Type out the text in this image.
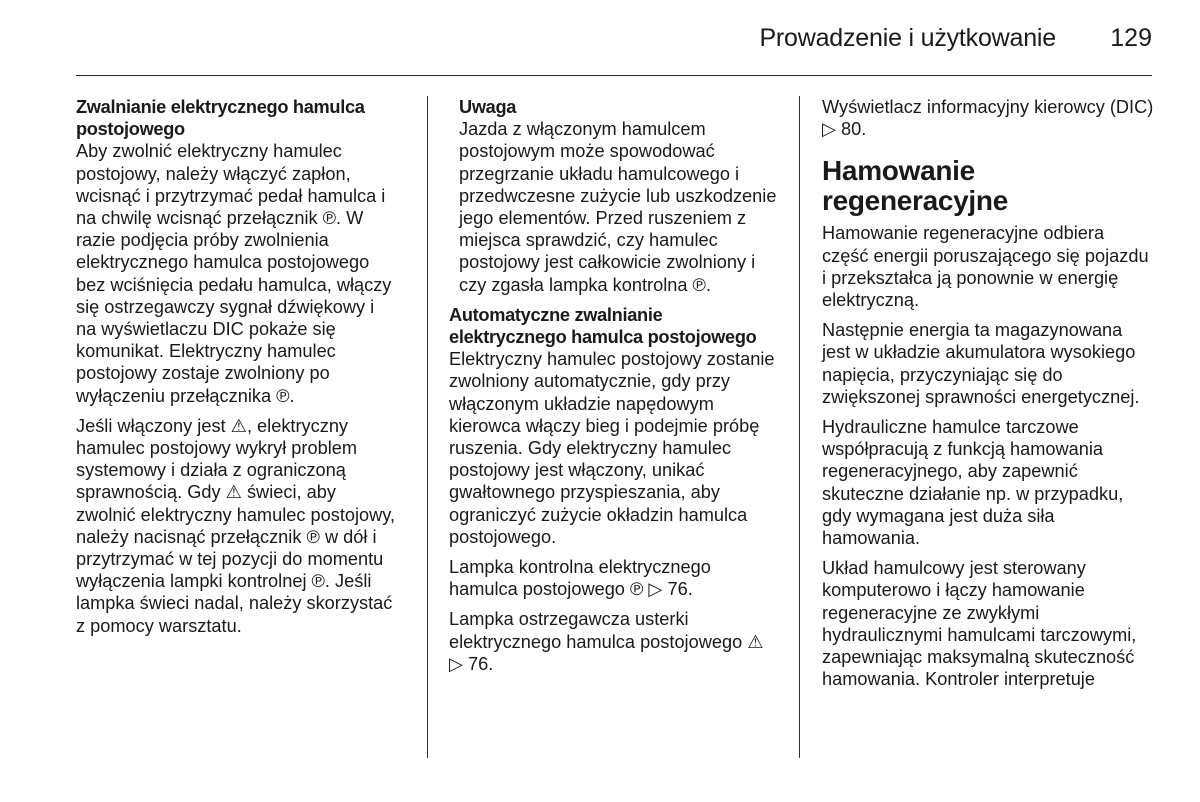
Prowadzenie i użytkowanie 129
Zwalnianie elektrycznego hamulca postojowego

Aby zwolnić elektryczny hamulec postojowy, należy włączyć zapłon, wcisnąć i przytrzymać pedał hamulca i na chwilę wcisnąć przełącznik ℗. W razie podjęcia próby zwolnienia elektrycznego hamulca postojowego bez wciśnięcia pedału hamulca, włączy się ostrzegawczy sygnał dźwiękowy i na wyświetlaczu DIC pokaże się komunikat. Elektryczny hamulec postojowy zostaje zwolniony po wyłączeniu przełącznika ℗.

Jeśli włączony jest ⚠, elektryczny hamulec postojowy wykrył problem systemowy i działa z ograniczoną sprawnością. Gdy ⚠ świeci, aby zwolnić elektryczny hamulec postojowy, należy nacisnąć przełącznik ℗ w dół i przytrzymać w tej pozycji do momentu wyłączenia lampki kontrolnej ℗. Jeśli lampka świeci nadal, należy skorzystać z pomocy warsztatu.

Uwaga

Jazda z włączonym hamulcem postojowym może spowodować przegrzanie układu hamulcowego i przedwczesne zużycie lub uszkodzenie jego elementów. Przed ruszeniem z miejsca sprawdzić, czy hamulec postojowy jest całkowicie zwolniony i czy zgasła lampka kontrolna ℗.

Automatyczne zwalnianie elektrycznego hamulca postojowego

Elektryczny hamulec postojowy zostanie zwolniony automatycznie, gdy przy włączonym układzie napędowym kierowca włączy bieg i podejmie próbę ruszenia. Gdy elektryczny hamulec postojowy jest włączony, unikać gwałtownego przyspieszania, aby ograniczyć zużycie okładzin hamulca postojowego.

Lampka kontrolna elektrycznego hamulca postojowego ℗ ▷ 76.

Lampka ostrzegawcza usterki elektrycznego hamulca postojowego ⚠ ▷ 76.

Wyświetlacz informacyjny kierowcy (DIC) ▷ 80.

Hamowanie regeneracyjne

Hamowanie regeneracyjne odbiera część energii poruszającego się pojazdu i przekształca ją ponownie w energię elektryczną.

Następnie energia ta magazynowana jest w układzie akumulatora wysokiego napięcia, przyczyniając się do zwiększonej sprawności energetycznej.

Hydrauliczne hamulce tarczowe współpracują z funkcją hamowania regeneracyjnego, aby zapewnić skuteczne działanie np. w przypadku, gdy wymagana jest duża siła hamowania.

Układ hamulcowy jest sterowany komputerowo i łączy hamowanie regeneracyjne ze zwykłymi hydraulicznymi hamulcami tarczowymi, zapewniając maksymalną skuteczność hamowania. Kontroler interpretuje
